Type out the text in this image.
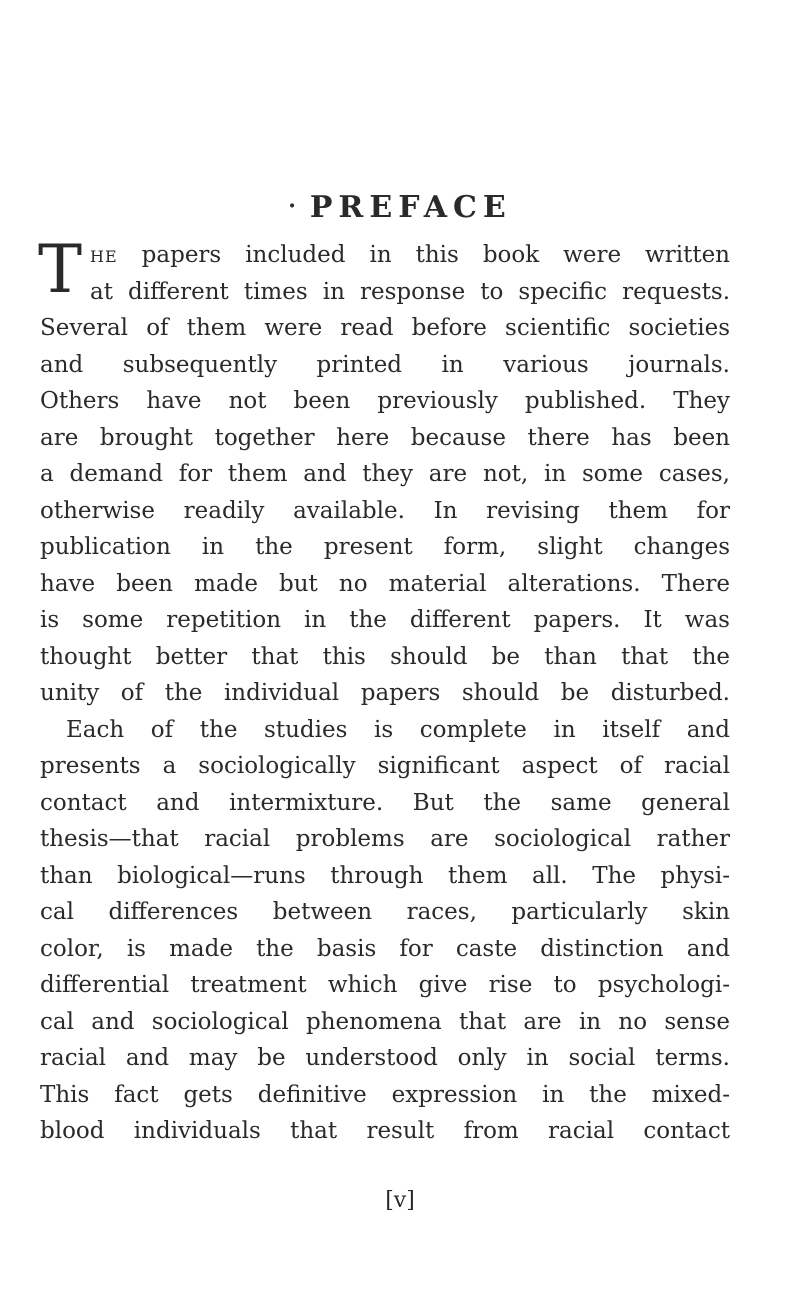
· PREFACE
T he papers included in this book were written
at different times in response to specific requests.
Several of them were read before scientific societies
and subsequently printed in various journals.
Others have not been previously published. They
are brought together here because there has been
a demand for them and they are not, in some cases,
otherwise readily available. In revising them for
publication in the present form, slight changes
have been made but no material alterations. There
is some repetition in the different papers. It was
thought better that this should be than that the
unity of the individual papers should be disturbed.
Each of the studies is complete in itself and
presents a sociologically significant aspect of racial
contact and intermixture. But the same general
thesis—that racial problems are sociological rather
than biological—runs through them all. The physi-
cal differences between races, particularly skin
color, is made the basis for caste distinction and
differential treatment which give rise to psychologi-
cal and sociological phenomena that are in no sense
racial and may be understood only in social terms.
This fact gets definitive expression in the mixed-
blood individuals that result from racial contact

[v]
